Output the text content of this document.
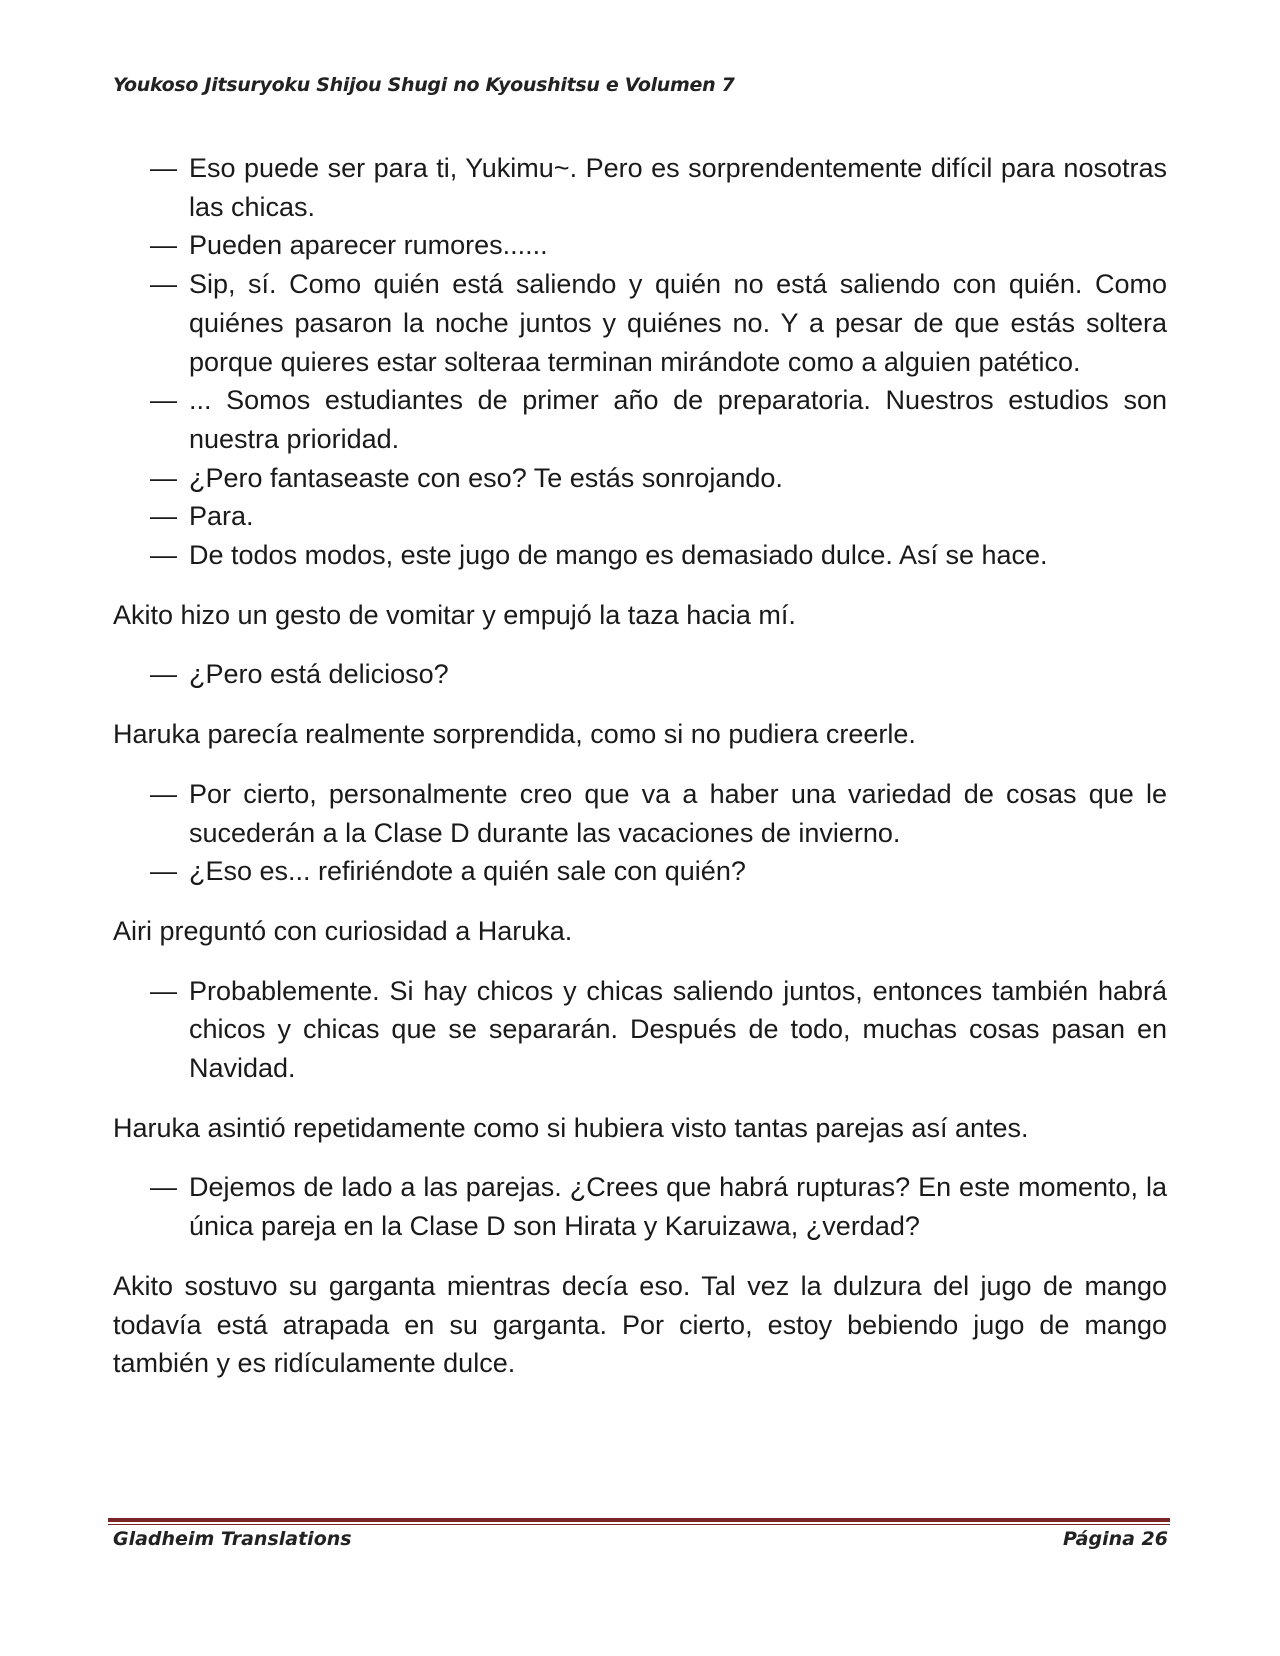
Youkoso Jitsuryoku Shijou Shugi no Kyoushitsu e Volumen 7

— Eso puede ser para ti, Yukimu~. Pero es sorprendentemente difícil para nosotras las chicas.

— Pueden aparecer rumores......

— Sip, sí. Como quién está saliendo y quién no está saliendo con quién. Como quiénes pasaron la noche juntos y quiénes no. Y a pesar de que estás soltera porque quieres estar solteraa terminan mirándote como a alguien patético.

— ... Somos estudiantes de primer año de preparatoria. Nuestros estudios son nuestra prioridad.

— ¿Pero fantaseaste con eso? Te estás sonrojando.

— Para.

— De todos modos, este jugo de mango es demasiado dulce. Así se hace.

Akito hizo un gesto de vomitar y empujó la taza hacia mí.

— ¿Pero está delicioso?

Haruka parecía realmente sorprendida, como si no pudiera creerle.

— Por cierto, personalmente creo que va a haber una variedad de cosas que le sucederán a la Clase D durante las vacaciones de invierno.

— ¿Eso es... refiriéndote a quién sale con quién?

Airi preguntó con curiosidad a Haruka.

— Probablemente. Si hay chicos y chicas saliendo juntos, entonces también habrá chicos y chicas que se separarán. Después de todo, muchas cosas pasan en Navidad.

Haruka asintió repetidamente como si hubiera visto tantas parejas así antes.

— Dejemos de lado a las parejas. ¿Crees que habrá rupturas? En este momento, la única pareja en la Clase D son Hirata y Karuizawa, ¿verdad?

Akito sostuvo su garganta mientras decía eso. Tal vez la dulzura del jugo de mango todavía está atrapada en su garganta. Por cierto, estoy bebiendo jugo de mango también y es ridículamente dulce.

Gladheim Translations	Página 26
